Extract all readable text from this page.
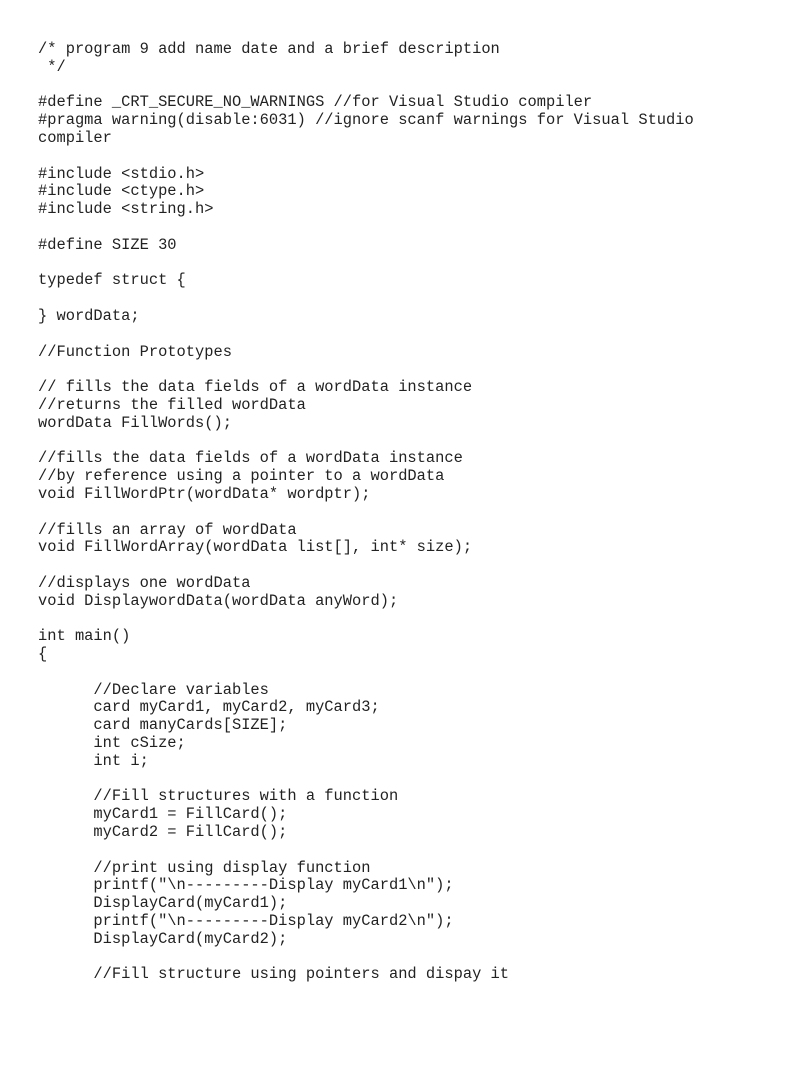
/* program 9 add name date and a brief description
*/
#define _CRT_SECURE_NO_WARNINGS //for Visual Studio compiler
#pragma warning(disable:6031) //ignore scanf warnings for Visual Studio
compiler
#include <stdio.h>
#include <ctype.h>
#include <string.h>
#define SIZE 30
typedef struct {
} wordData;
//Function Prototypes
// fills the data fields of a wordData instance
//returns the filled wordData
wordData FillWords();
//fills the data fields of a wordData instance
//by reference using a pointer to a wordData
void FillWordPtr(wordData* wordptr);
//fills an array of wordData
void FillWordArray(wordData list[], int* size);
//displays one wordData
void DisplaywordData(wordData anyWord);
int main()
{
//Declare variables
card myCard1, myCard2, myCard3;
card manyCards[SIZE];
int cSize;
int i;
//Fill structures with a function
myCard1 = FillCard();
myCard2 = FillCard();
//print using display function
printf("\n---------Display myCard1\n");
DisplayCard(myCard1);
printf("\n---------Display myCard2\n");
DisplayCard(myCard2);
//Fill structure using pointers and dispay it
